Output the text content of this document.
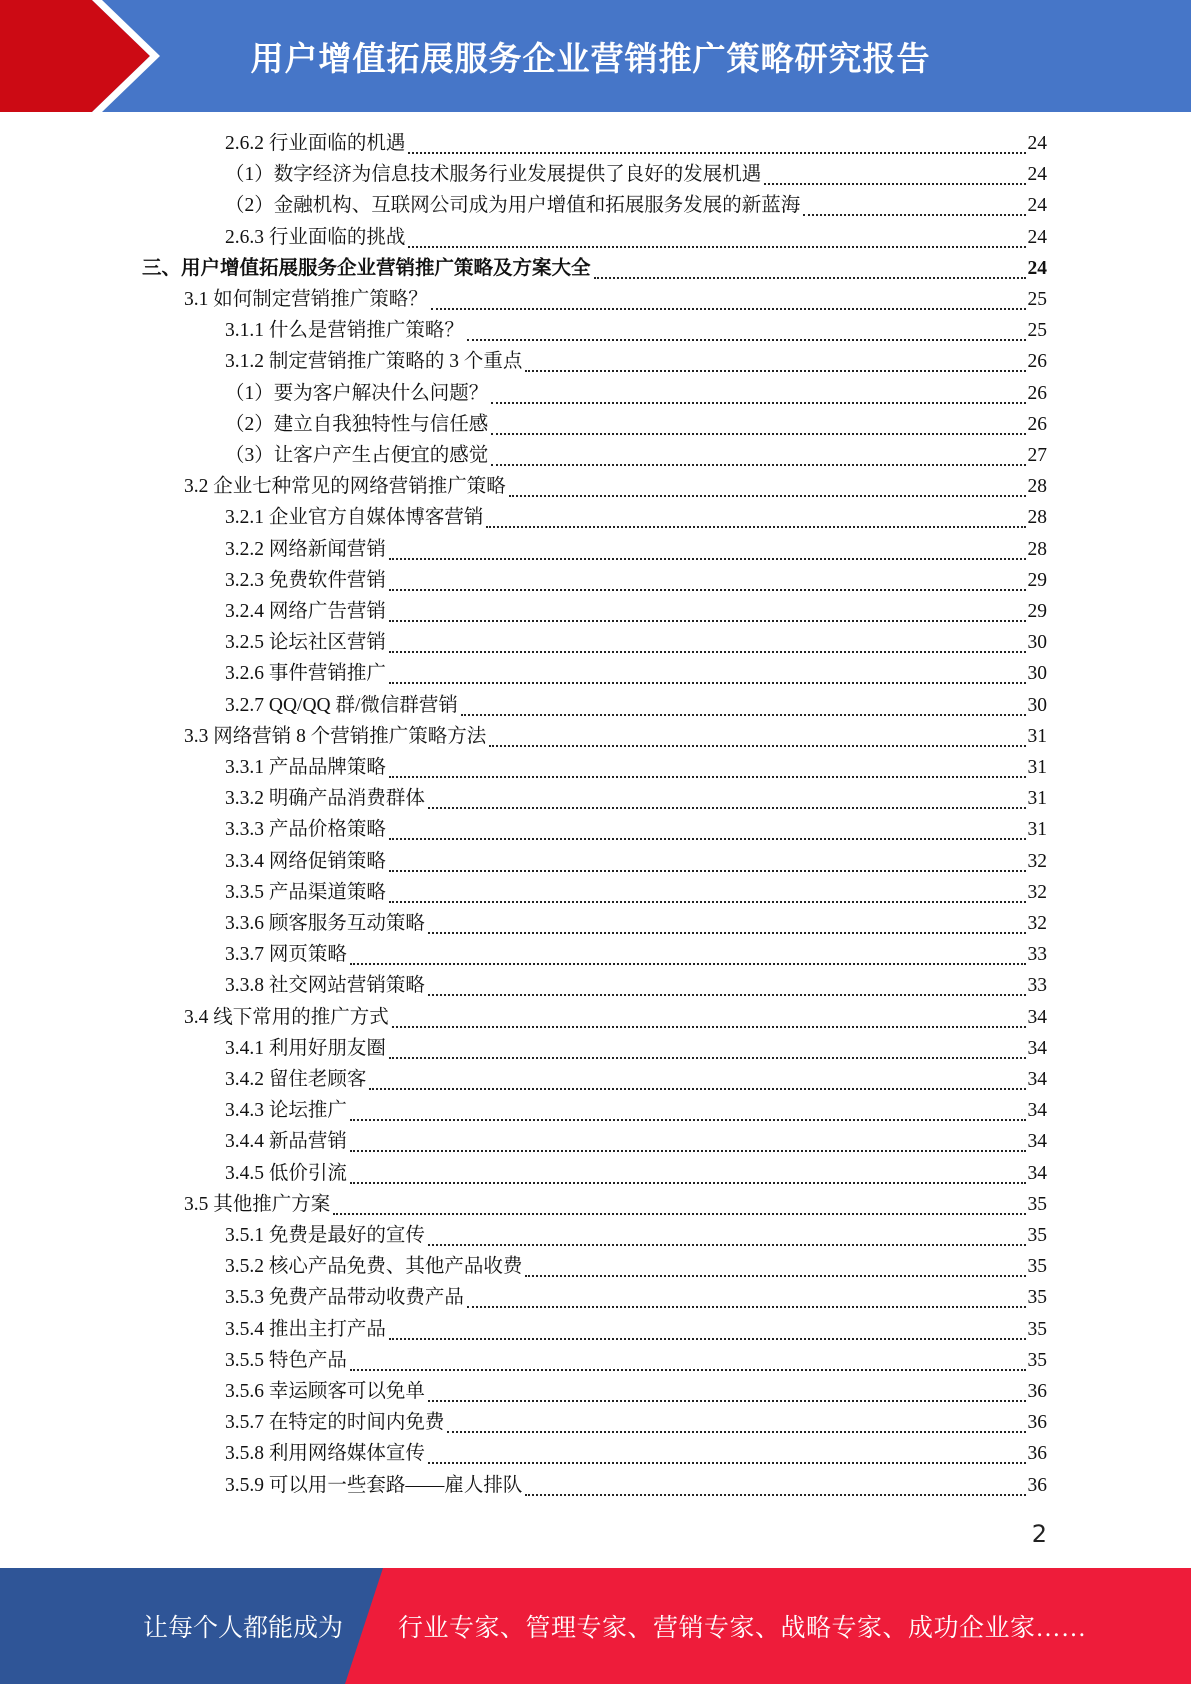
用户增值拓展服务企业营销推广策略研究报告
2.6.2 行业面临的机遇	24
（1）数字经济为信息技术服务行业发展提供了良好的发展机遇	24
（2）金融机构、互联网公司成为用户增值和拓展服务发展的新蓝海	24
2.6.3 行业面临的挑战	24
三、用户增值拓展服务企业营销推广策略及方案大全	24
3.1 如何制定营销推广策略？	25
3.1.1 什么是营销推广策略？	25
3.1.2 制定营销推广策略的 3 个重点	26
（1）要为客户解决什么问题？	26
（2）建立自我独特性与信任感	26
（3）让客户产生占便宜的感觉	27
3.2 企业七种常见的网络营销推广策略	28
3.2.1 企业官方自媒体博客营销	28
3.2.2 网络新闻营销	28
3.2.3 免费软件营销	29
3.2.4 网络广告营销	29
3.2.5 论坛社区营销	30
3.2.6 事件营销推广	30
3.2.7 QQ/QQ 群/微信群营销	30
3.3 网络营销 8 个营销推广策略方法	31
3.3.1 产品品牌策略	31
3.3.2 明确产品消费群体	31
3.3.3 产品价格策略	31
3.3.4 网络促销策略	32
3.3.5 产品渠道策略	32
3.3.6 顾客服务互动策略	32
3.3.7 网页策略	33
3.3.8 社交网站营销策略	33
3.4 线下常用的推广方式	34
3.4.1 利用好朋友圈	34
3.4.2 留住老顾客	34
3.4.3 论坛推广	34
3.4.4 新品营销	34
3.4.5 低价引流	34
3.5 其他推广方案	35
3.5.1 免费是最好的宣传	35
3.5.2 核心产品免费、其他产品收费	35
3.5.3 免费产品带动收费产品	35
3.5.4 推出主打产品	35
3.5.5 特色产品	35
3.5.6 幸运顾客可以免单	36
3.5.7 在特定的时间内免费	36
3.5.8 利用网络媒体宣传	36
3.5.9 可以用一些套路——雇人排队	36
2
让每个人都能成为 行业专家、管理专家、营销专家、战略专家、成功企业家……
